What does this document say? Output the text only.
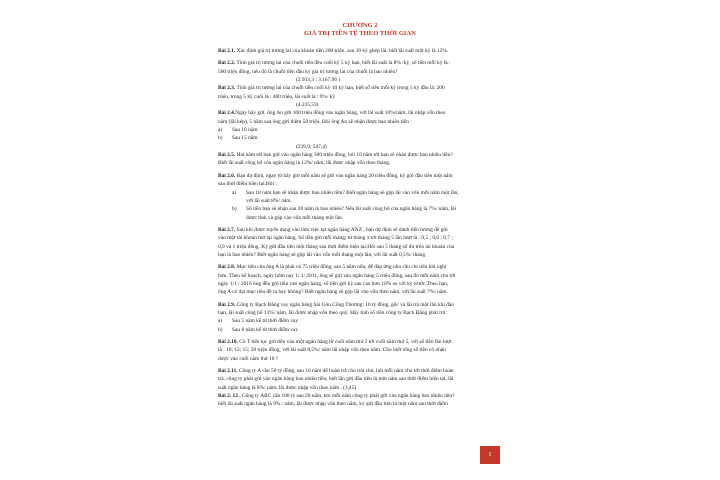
CHƯƠNG 2
GIÁ TRỊ TIỀN TỆ THEO THỜI GIAN
Bài 2.1. Xác định giá trị tương lai của khoản tiền 200 triệu. sau 10 kỳ ghép lãi, biết lãi suất một kỳ là 12%.
Bài 2.2. Tính giá trị tương lai của chuỗi tiền đều cuối kỳ 5 kỳ hạn, biết lãi suất là 8% /kỳ, số tiền mỗi kỳ là :
500 triệu đồng, nếu đó là chuỗi tiền đầu kỳ giá trị tương lai của chuỗi là bao nhiêu?
(2.933,3 ; 3.167,96 )
Bài 2.3. Tính giá trị tương lai của chuỗi tiền cuối kỳ 10 kỳ hạn, biết số tiền mỗi kỳ trong 5 kỳ đầu là: 200
triệu, trong 5 kỳ cuối là : 400 triệu, lãi suất là : 9%/ kỳ
(4.235,53)
Bài 2.4.Ngày hãy gửi. ông An gửi 100 triệu đồng vào ngân hàng, với lãi suất 10%/năm, lãi nhập vốn theo
năm (lãi kép), 5 năm sau ông gửi thêm 50 triệu. Hỏi ông An sẽ nhận được bao nhiêu tiền :
a)	Sau 10 năm
b)	Sau 15 năm
(339,9; 547,4)
Bài 2.5. Hai năm tới bạn gửi vào ngân hàng 300 triệu đồng, hỏi 10 năm tới bạn sẽ nhận được bao nhiêu tiền?
Biết lãi suất công bố của ngân hàng là 12%/ năm, lãi được nhập vốn theo tháng.
Bài 2.6. Bạn dự định, ngay từ bây giờ mỗi năm sẽ gửi vào ngân hàng 20 triệu đồng, kỳ gửi đầu tiên một năm
sau thời điểm hiện tại.Hỏi ;
a)	Sau 18 năm bạn sẽ nhận được bao nhiêu tiền? Biết ngân hàng sẽ gộp lãi vào vốn mỗi năm một lần,
với lãi suất 8%/ năm.
b)	Số tiền bạn sẽ nhận sau 20 năm là bao nhiêu? Nếu lãi suất công bố của ngân hàng là 7%/ năm, lãi
được tính và gộp vào vốn mỗi tháng một lần.
Bài 2.7. Sau khi được tuyển dụng vào làm việc tại ngân hàng ANZ , bạn dự định sẽ dành tiền lương để gửi
vào một tài khoản mở tại ngân hàng. Số tiền gửi mỗi tháng, từ tháng 1 tới tháng 5 lần lượt là : 0,5 ; 0,6 ; 0,7 ;
0,9 và 1 triệu đồng. Kỳ gửi đầu tiên một tháng sau thời điểm hiện tại.Hỏi sau 5 tháng số dư trên tài khoản của
bạn là bao nhiêu? Biết ngân hàng sẽ gộp lãi vào vốn mỗi tháng một lần, với lãi suất 0,5%/ tháng.
Bài 2.8. Mục tiêu của ông A là phải có 75 triệu đồng, sau 5 năm nữa, để đáp ứng nhu cầu chi tiêu khi nghỉ
hưu. Theo kế hoạch, ngày hôm nay 1/ 1/ 2011, ông sẽ gửi vào ngân hàng 5 triệu đồng, sau đó mỗi năm cho tới
ngày 1/1 / 2016 ông đều gửi tiền vào ngân hàng, số tiền gửi kỳ sau cao hơn 10% so với kỳ trước.Theo bạn,
ông A có đạt mục tiêu đề ra hay không? Biết ngân hàng sẽ gộp lãi vào vốn theo năm, với lãi suất 7%/ năm.
Bài 2.9. Công ty Bạch Đằng vay ngân hàng Sài Gòn Công Thương: 10 tỷ đồng, gốc và lãi trả một lần khi đáo
hạn, lãi suất công bố 13%/ năm, lãi được nhập vốn theo quý. Hãy tính số tiền công ty Bạch Đằng phải trả :
a)	Sau 5 năm kể từ thời điểm vay
b)	Sau 8 năm kể từ thời điểm vay
Bài 2.10. Cô T tiến tục gửi tiền vào một ngân hàng từ cuối năm thứ 2 tới cuối năm thứ 5, với số tiền lần lượt
là : 10; 12; 15; 20 triệu đồng, với lãi suất 8,5%/ năm lãi nhập vốn theo năm. Cho biết tổng số tiền cô nhận
được vào cuối năm thứ 10 ?
Bài 2.11. Công ty A cần 50 tỷ đồng, sau 10 năm để hoàn trả cho trái chủ, hỏi mỗi năm cho tới thời điểm hoàn
trả, công ty phải gửi vào ngân hàng bao nhiêu tiền, biết lần gửi đầu tiên là một năm sau thời điểm hiện tại, lãi
suất ngân hàng là 8%/ năm, lãi được nhập vốn theo năm . (3,45)
Bài 2. 12 . Công ty ABC cần 100 tỷ sau 20 năm, hỏi mỗi năm công ty phải gửi vào ngân hàng bao nhiêu tiền?
biết lãi suất ngân hàng là 9% / năm, lãi được nhập vốn theo năm, kỳ gửi đầu tiên là một năm sau thời điểm
1
